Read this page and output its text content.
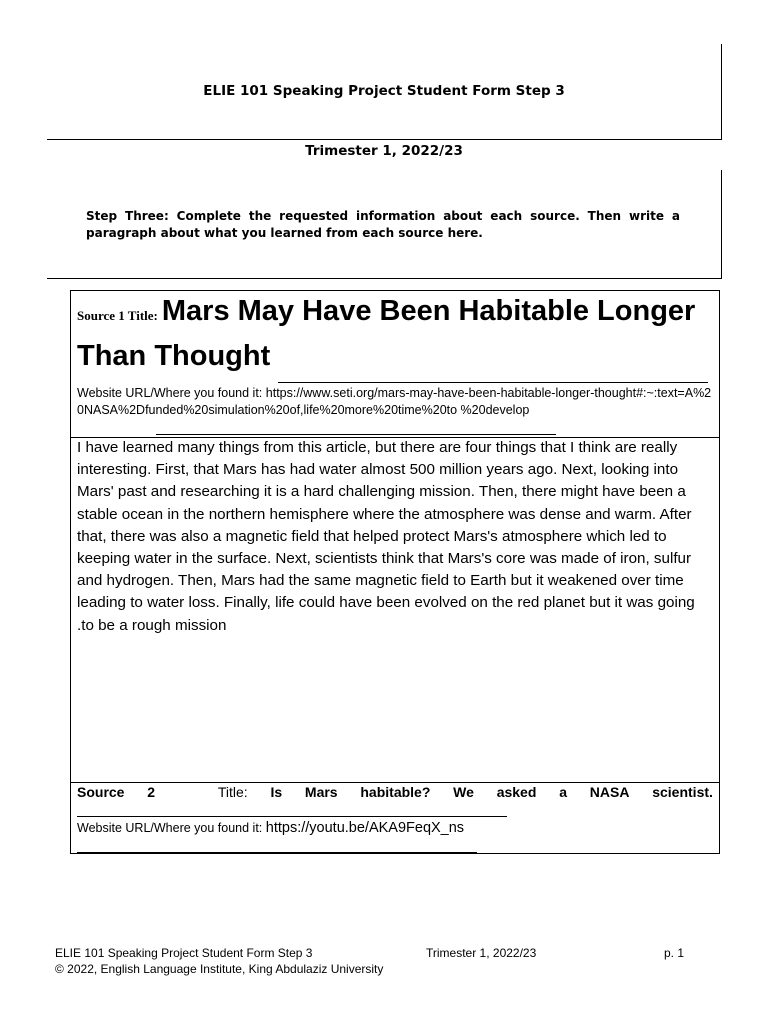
ELIE 101 Speaking Project Student Form Step 3
Trimester 1, 2022/23
Step Three: Complete the requested information about each source. Then write a paragraph about what you learned from each source here.
Source 1 Title: Mars May Have Been Habitable Longer Than Thought
Website URL/Where you found it: https://www.seti.org/mars-may-have-been-habitable-longer-thought#:~:text=A%20NASA%2Dfunded%20simulation%20of,life%20more%20time%20to %20develop
I have learned many things from this article, but there are four things that I think are really interesting. First, that Mars has had water almost 500 million years ago. Next, looking into Mars' past and researching it is a hard challenging mission. Then, there might have been a stable ocean in the northern hemisphere where the atmosphere was dense and warm. After that, there was also a magnetic field that helped protect Mars's atmosphere which led to keeping water in the surface. Next, scientists think that Mars's core was made of iron, sulfur and hydrogen. Then, Mars had the same magnetic field to Earth but it weakened over time leading to water loss. Finally, life could have been evolved on the red planet but it was going .to be a rough mission
Source 2	Title: Is Mars habitable? We asked a NASA scientist.
Website URL/Where you found it: https://youtu.be/AKA9FeqX_ns
ELIE 101 Speaking Project Student Form Step 3	Trimester 1, 2022/23	p. 1
© 2022, English Language Institute, King Abdulaziz University
